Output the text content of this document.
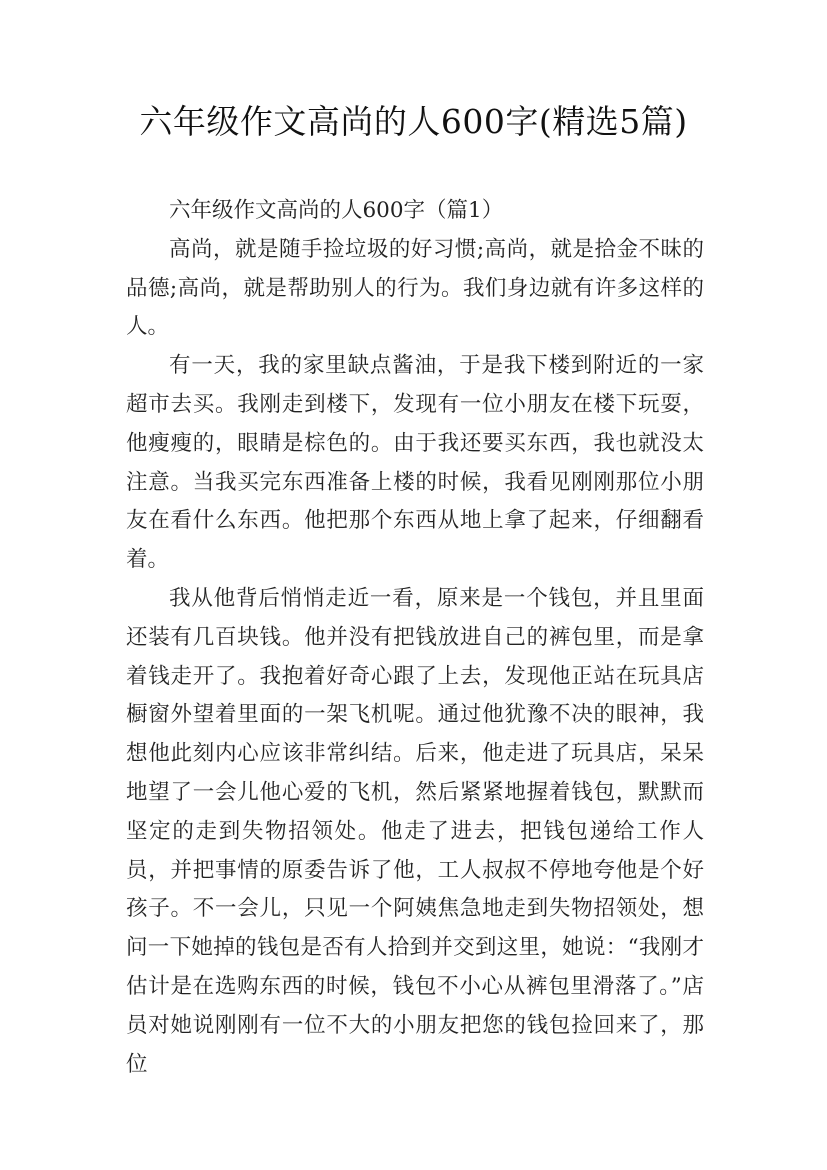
六年级作文高尚的人600字(精选5篇)
六年级作文高尚的人600字（篇1）

高尚，就是随手捡垃圾的好习惯;高尚，就是拾金不昧的品德;高尚，就是帮助别人的行为。我们身边就有许多这样的人。

有一天，我的家里缺点酱油，于是我下楼到附近的一家超市去买。我刚走到楼下，发现有一位小朋友在楼下玩耍，他瘦瘦的，眼睛是棕色的。由于我还要买东西，我也就没太注意。当我买完东西准备上楼的时候，我看见刚刚那位小朋友在看什么东西。他把那个东西从地上拿了起来，仔细翻看着。

我从他背后悄悄走近一看，原来是一个钱包，并且里面还装有几百块钱。他并没有把钱放进自己的裤包里，而是拿着钱走开了。我抱着好奇心跟了上去，发现他正站在玩具店橱窗外望着里面的一架飞机呢。通过他犹豫不决的眼神，我想他此刻内心应该非常纠结。后来，他走进了玩具店，呆呆地望了一会儿他心爱的飞机，然后紧紧地握着钱包，默默而坚定的走到失物招领处。他走了进去，把钱包递给工作人员，并把事情的原委告诉了他，工人叔叔不停地夸他是个好孩子。不一会儿，只见一个阿姨焦急地走到失物招领处，想问一下她掉的钱包是否有人拾到并交到这里，她说：“我刚才估计是在选购东西的时候，钱包不小心从裤包里滑落了。”店员对她说刚刚有一位不大的小朋友把您的钱包捡回来了，那位
